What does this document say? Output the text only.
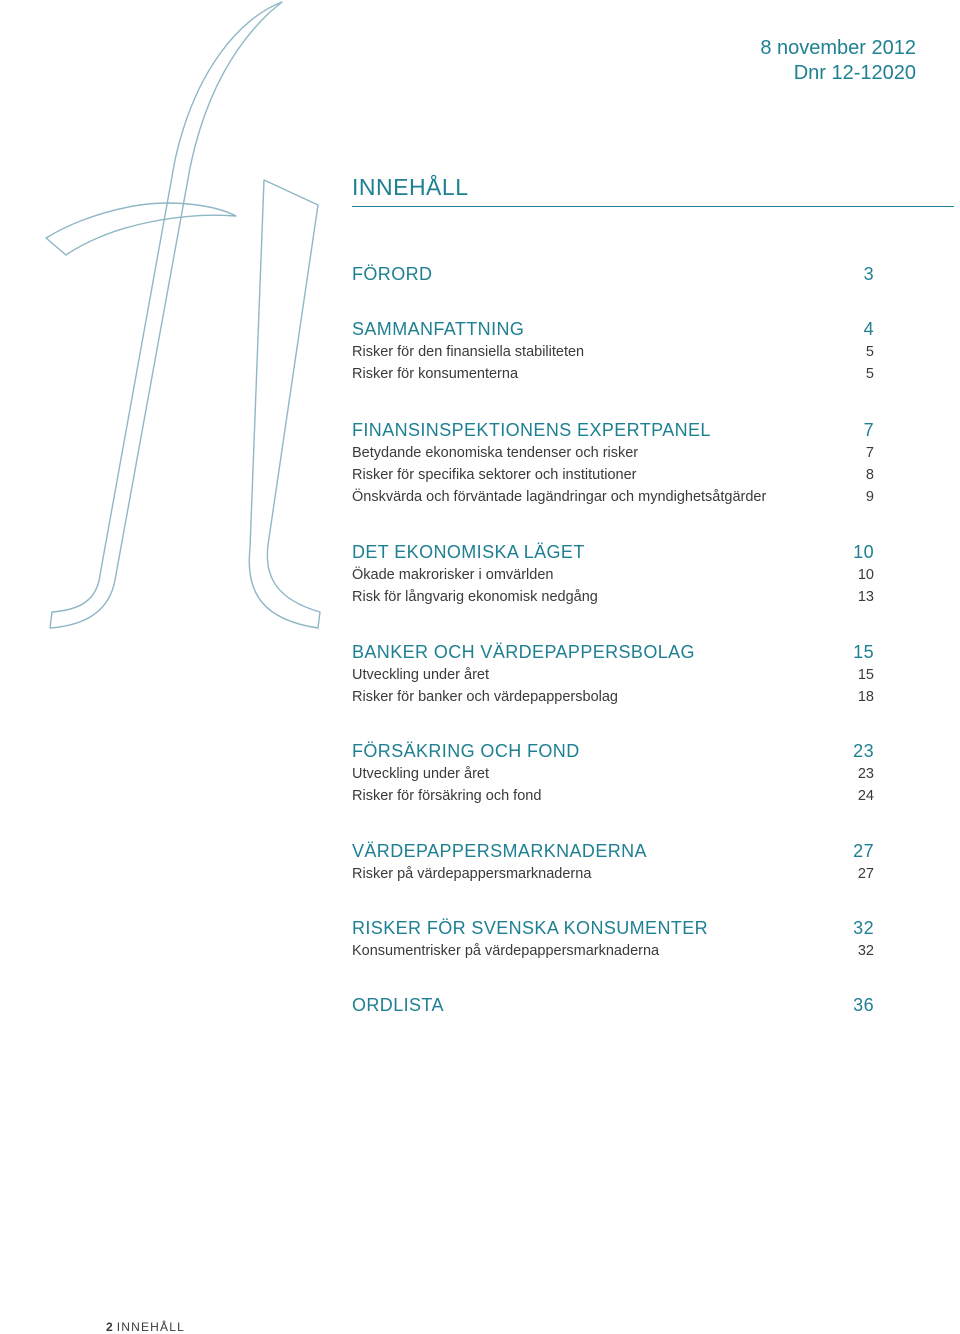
8 november 2012
Dnr 12-12020
INNEHÅLL
FÖRORD	3
SAMMANFATTNING	4
Risker för den finansiella stabiliteten	5
Risker för konsumenterna	5
FINANSINSPEKTIONENS EXPERTPANEL	7
Betydande ekonomiska tendenser och risker	7
Risker för specifika sektorer och institutioner	8
Önskvärda och förväntade lagändringar och myndighetsåtgärder	9
DET EKONOMISKA LÄGET	10
Ökade makrorisker i omvärlden	10
Risk för långvarig ekonomisk nedgång	13
BANKER OCH VÄRDEPAPPERSBOLAG	15
Utveckling under året	15
Risker för banker och värdepappersbolag	18
FÖRSÄKRING OCH FOND	23
Utveckling under året	23
Risker för försäkring och fond	24
VÄRDEPAPPERSMARKNADERNA	27
Risker på värdepappersmarknaderna	27
RISKER FÖR SVENSKA KONSUMENTER	32
Konsumentrisker på värdepappersmarknaderna	32
ORDLISTA	36
2 INNEHÅLL
